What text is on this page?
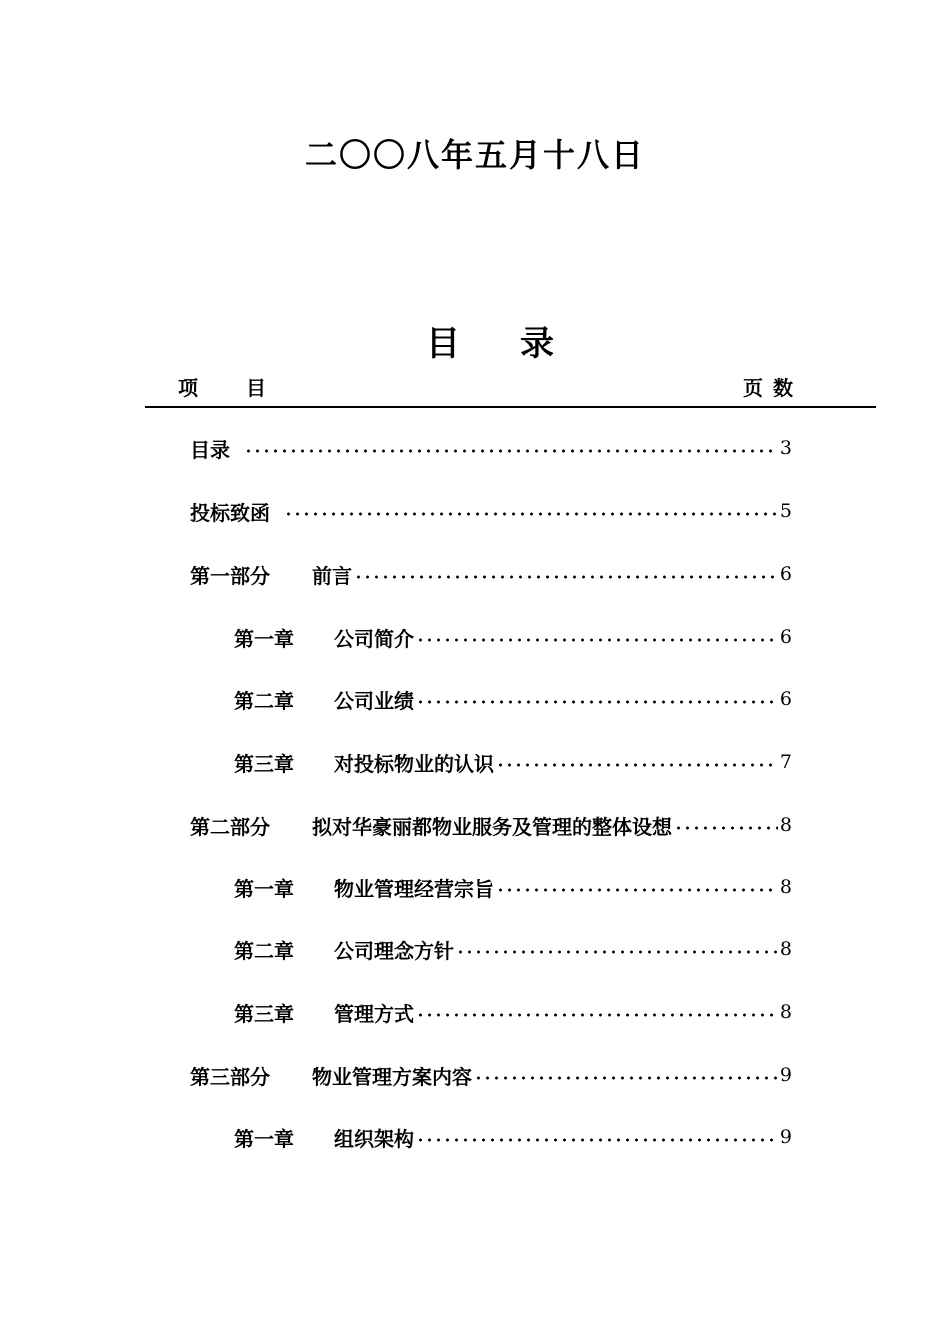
二〇〇八年五月十八日
目录
项目	页数
目录	3
投标致函	5
第一部分	前言	6
第一章	公司简介	6
第二章	公司业绩	6
第三章	对投标物业的认识	7
第二部分	拟对华豪丽都物业服务及管理的整体设想	8
第一章	物业管理经营宗旨	8
第二章	公司理念方针	8
第三章	管理方式	8
第三部分	物业管理方案内容	9
第一章	组织架构	9
